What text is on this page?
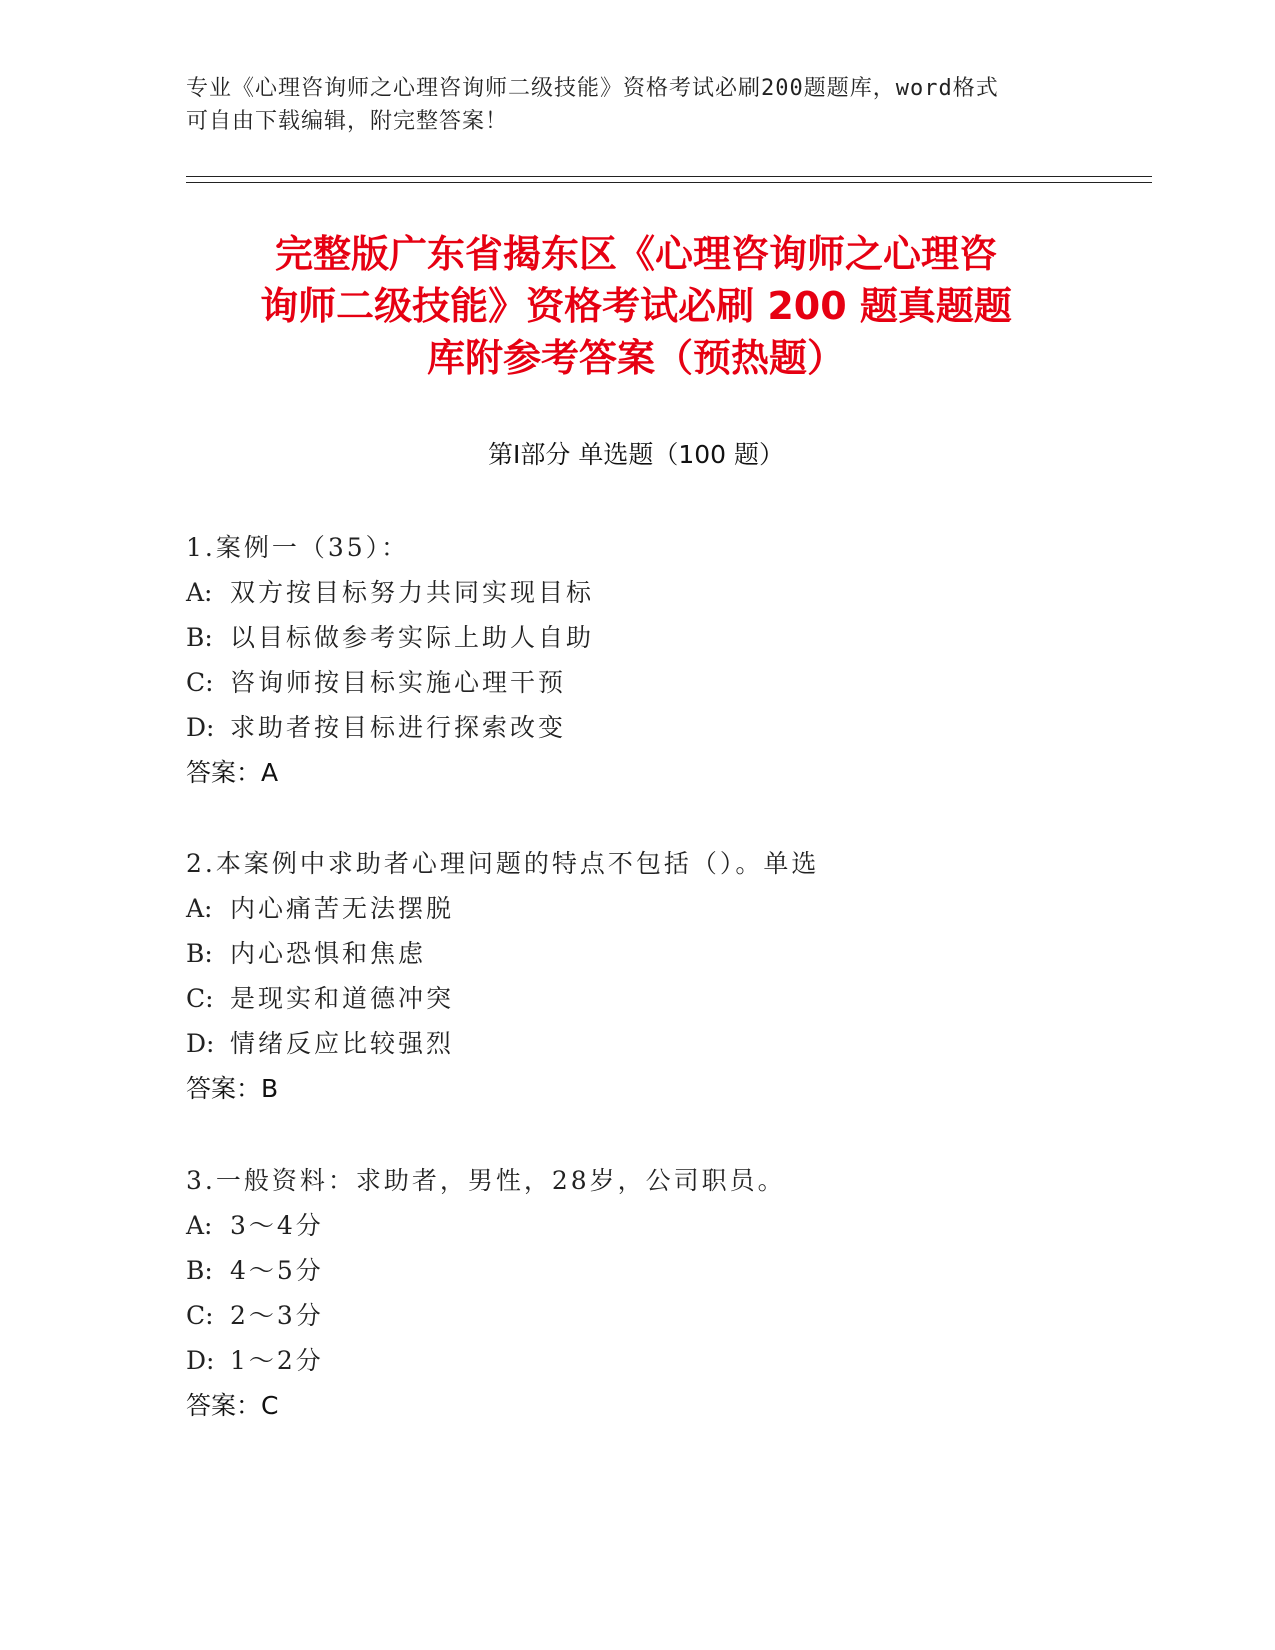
专业《心理咨询师之心理咨询师二级技能》资格考试必刷200题题库，word格式
可自由下载编辑，附完整答案！
完整版广东省揭东区《心理咨询师之心理咨
询师二级技能》资格考试必刷 200 题真题题
库附参考答案（预热题）
第Ⅰ部分 单选题（100 题）
1.案例一（35）：
A: 双方按目标努力共同实现目标
B: 以目标做参考实际上助人自助
C: 咨询师按目标实施心理干预
D: 求助者按目标进行探索改变
答案：A
2.本案例中求助者心理问题的特点不包括（）。单选
A: 内心痛苦无法摆脱
B: 内心恐惧和焦虑
C: 是现实和道德冲突
D: 情绪反应比较强烈
答案：B
3.一般资料：求助者，男性，28岁，公司职员。
A: 3～4分
B: 4～5分
C: 2～3分
D: 1～2分
答案：C
